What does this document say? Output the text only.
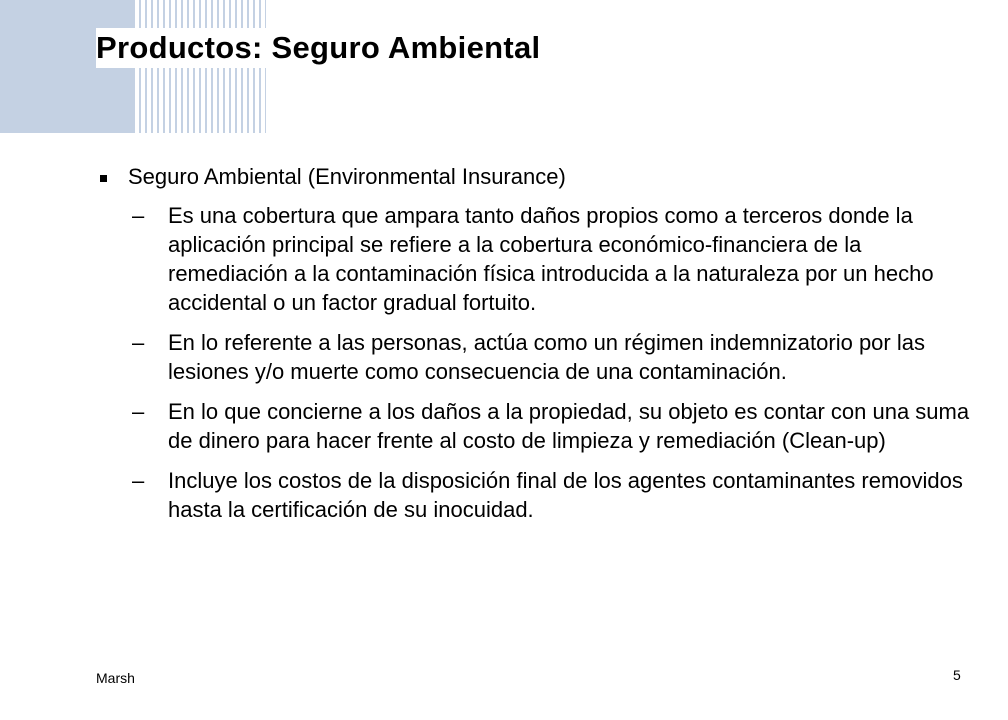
Productos: Seguro Ambiental
Seguro Ambiental (Environmental Insurance)
– Es una cobertura que ampara tanto daños propios como a terceros donde la aplicación principal se refiere a la cobertura económico-financiera de la remediación a la contaminación física introducida a la naturaleza por un hecho accidental o un factor gradual fortuito.
– En lo referente a las personas, actúa como un régimen indemnizatorio por las lesiones y/o muerte como consecuencia de una contaminación.
– En lo que concierne a los daños a la propiedad, su objeto es contar con una suma de dinero para hacer frente al costo de limpieza y remediación (Clean-up)
– Incluye los costos de la disposición final de los agentes contaminantes removidos hasta la certificación de su inocuidad.
Marsh	5
